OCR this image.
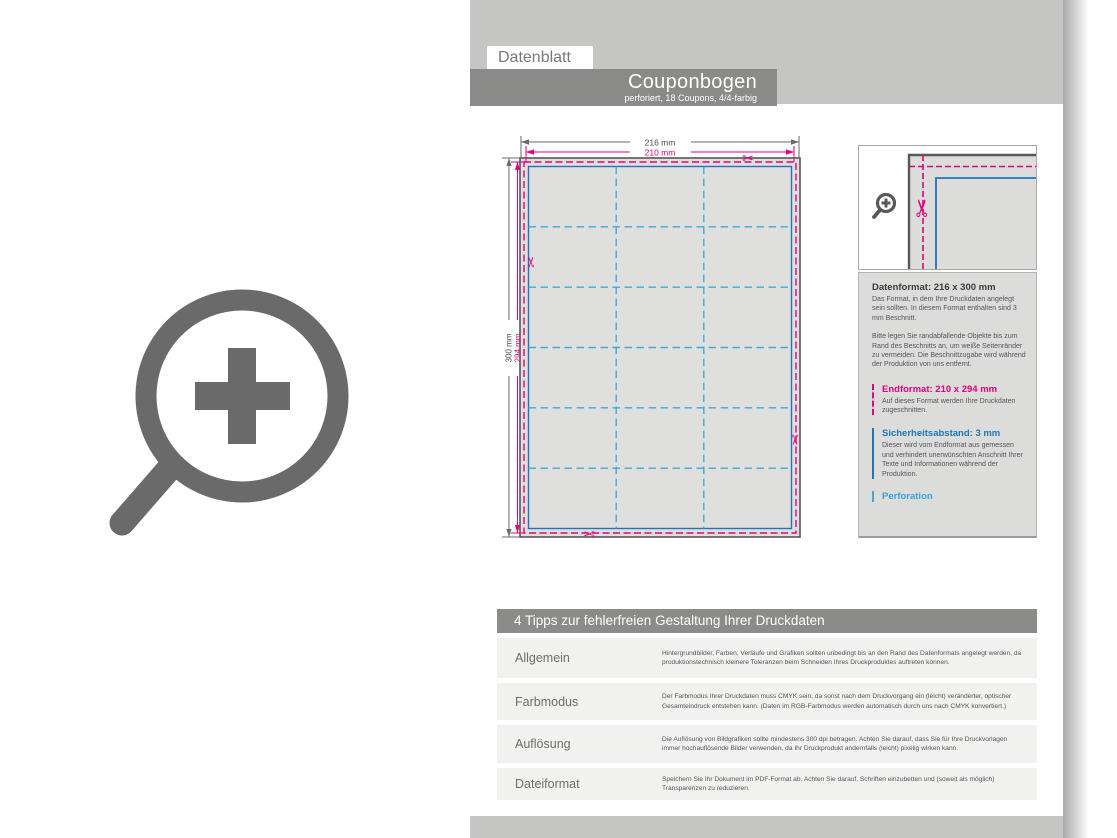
Datenblatt
Couponbogen
perforiert, 18 Coupons, 4/4-farbig
216 mm
210 mm
300 mm 294 mm
✂
✂
✂
✂
✂
Datenformat: 216 x 300 mm

Das Format, in dem Ihre Druckdaten angelegt sein sollten. In diesem Format enthalten sind 3 mm Beschnitt.

Bitte legen Sie randabfallende Objekte bis zum Rand des Beschnitts an, um weiße Seitenränder zu vermeiden. Die Beschnittzugabe wird während der Produktion von uns entfernt.

Endformat: 210 x 294 mm

Auf dieses Format werden Ihre Druckdaten zugeschnitten.

Sicherheitsabstand: 3 mm

Dieser wird vom Endformat aus gemessen und verhindert unerwünschten Anschnitt Ihrer Texte und Informationen während der Produktion.

Perforation
4 Tipps zur fehlerfreien Gestaltung Ihrer Druckdaten
Allgemein	Hintergrundbilder, Farben, Verläufe und Grafiken sollten unbedingt bis an den Rand des Datenformats angelegt werden, da produktionstechnisch kleinere Toleranzen beim Schneiden Ihres Druckproduktes auftreten können.
Farbmodus	Der Farbmodus Ihrer Druckdaten muss CMYK sein, da sonst nach dem Druckvorgang ein (leicht) veränderter, optischer Gesamteindruck entstehen kann. (Daten im RGB-Farbmodus werden automatisch durch uns nach CMYK konvertiert.)
Auflösung	Die Auflösung von Bildgrafiken sollte mindestens 300 dpi betragen. Achten Sie darauf, dass Sie für Ihre Druckvorlagen immer hochauflösende Bilder verwenden, da Ihr Druckprodukt andernfalls (leicht) pixelig wirken kann.
Dateiformat	Speichern Sie Ihr Dokument im PDF-Format ab. Achten Sie darauf, Schriften einzubetten und (soweit als möglich) Transparenzen zu reduzieren.
